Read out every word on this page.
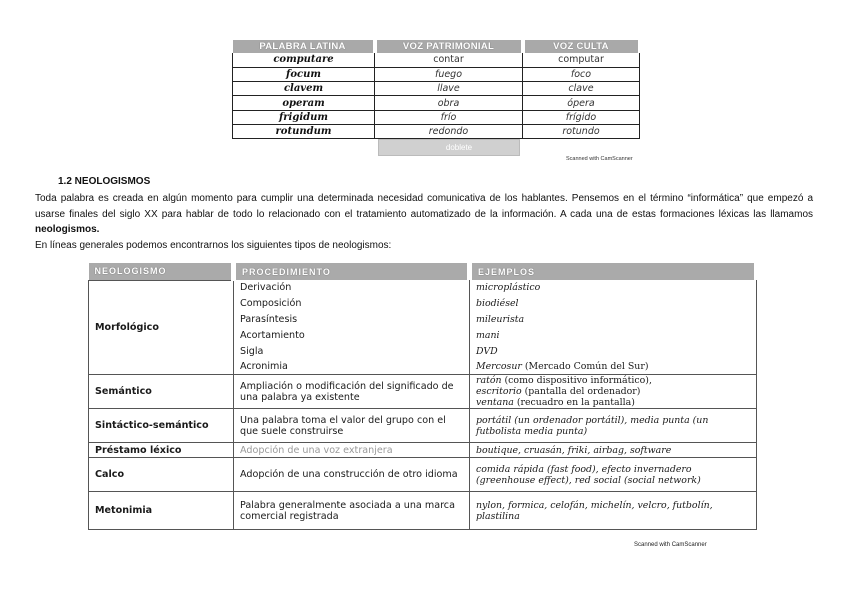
PALABRA LATINA	VOZ PATRIMONIAL	VOZ CULTA
computare	contar	computar
focum	fuego	foco
clavem	llave	clave
operam	obra	ópera
frigidum	frío	frígido
rotundum	redondo	rotundo
doblete
Scanned with CamScanner
1.2 NEOLOGISMOS

Toda palabra es creada en algún momento para cumplir una determinada necesidad comunicativa de los hablantes. Pensemos en el término “informática” que empezó a usarse finales del siglo XX para hablar de todo lo relacionado con el tratamiento automatizado de la información. A cada una de estas formaciones léxicas las llamamos neologismos.

En líneas generales podemos encontrarnos los siguientes tipos de neologismos:

NEOLOGISMO	PROCEDIMIENTO	EJEMPLOS
Morfológico	Derivación	microplástico
	Composición	biodiésel
	Parasíntesis	mileurista
	Acortamiento	mani
	Sigla	DVD
	Acronimia	Mercosur (Mercado Común del Sur)
Semántico	Ampliación o modificación del significado de una palabra ya existente	ratón (como dispositivo informático),
escritorio (pantalla del ordenador)
ventana (recuadro en la pantalla)
Sintáctico-semántico	Una palabra toma el valor del grupo con el que suele construirse	portátil (un ordenador portátil), media punta (un futbolista media punta)
Préstamo léxico	Adopción de una voz extranjera	boutique, cruasán, friki, airbag, software
Calco	Adopción de una construcción de otro idioma	comida rápida (fast food), efecto invernadero (greenhouse effect), red social (social network)
Metonimia	Palabra generalmente asociada a una marca comercial registrada	nylon, formica, celofán, michelín, velcro, futbolín, plastilina
Scanned with CamScanner
